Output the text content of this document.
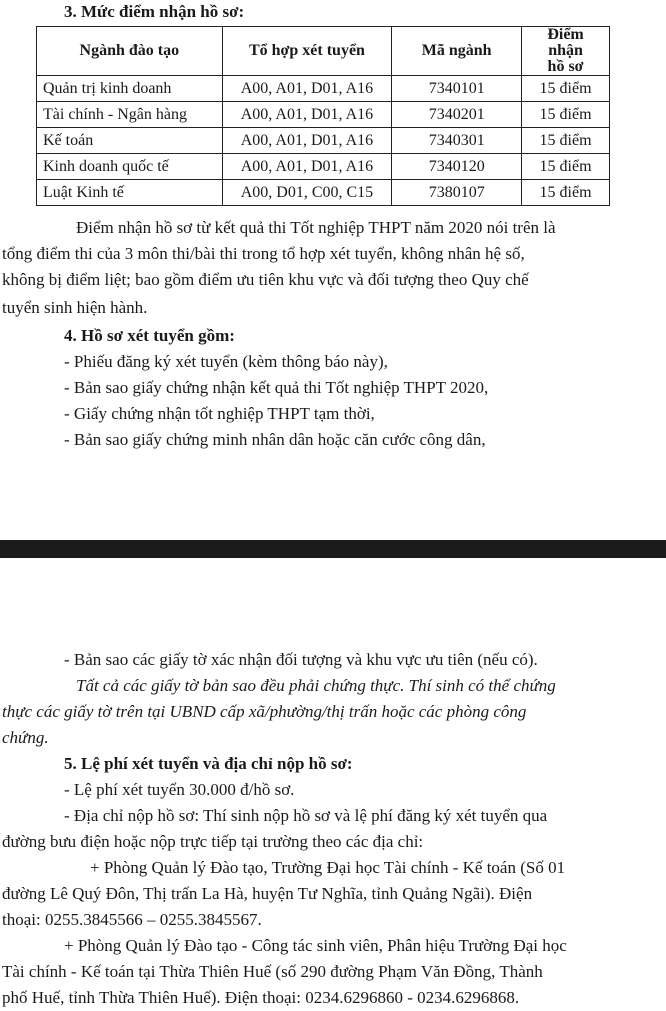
3. Mức điểm nhận hồ sơ:
Ngành đào tạo	Tổ hợp xét tuyển	Mã ngành	Điểm nhận
hồ sơ
Quản trị kinh doanh	A00, A01, D01, A16	7340101	15 điểm
Tài chính - Ngân hàng	A00, A01, D01, A16	7340201	15 điểm
Kế toán	A00, A01, D01, A16	7340301	15 điểm
Kinh doanh quốc tế	A00, A01, D01, A16	7340120	15 điểm
Luật Kinh tế	A00, D01, C00, C15	7380107	15 điểm
Điểm nhận hồ sơ từ kết quả thi Tốt nghiệp THPT năm 2020 nói trên là
tổng điểm thi của 3 môn thi/bài thi trong tổ hợp xét tuyển, không nhân hệ số,
không bị điểm liệt; bao gồm điểm ưu tiên khu vực và đối tượng theo Quy chế
tuyển sinh hiện hành.
4. Hồ sơ xét tuyển gồm:
- Phiếu đăng ký xét tuyển (kèm thông báo này),
- Bản sao giấy chứng nhận kết quả thi Tốt nghiệp THPT 2020,
- Giấy chứng nhận tốt nghiệp THPT tạm thời,
- Bản sao giấy chứng minh nhân dân hoặc căn cước công dân,
- Bản sao các giấy tờ xác nhận đối tượng và khu vực ưu tiên (nếu có).
Tất cả các giấy tờ bản sao đều phải chứng thực. Thí sinh có thể chứng
thực các giấy tờ trên tại UBND cấp xã/phường/thị trấn hoặc các phòng công
chứng.
5. Lệ phí xét tuyển và địa chỉ nộp hồ sơ:
- Lệ phí xét tuyển 30.000 đ/hồ sơ.
- Địa chỉ nộp hồ sơ: Thí sinh nộp hồ sơ và lệ phí đăng ký xét tuyển qua
đường bưu điện hoặc nộp trực tiếp tại trường theo các địa chỉ:
+ Phòng Quản lý Đào tạo, Trường Đại học Tài chính - Kế toán (Số 01
đường Lê Quý Đôn, Thị trấn La Hà, huyện Tư Nghĩa, tỉnh Quảng Ngãi). Điện
thoại: 0255.3845566 – 0255.3845567.
+ Phòng Quản lý Đào tạo - Công tác sinh viên, Phân hiệu Trường Đại học
Tài chính - Kế toán tại Thừa Thiên Huế (số 290 đường Phạm Văn Đồng, Thành
phố Huế, tỉnh Thừa Thiên Huế). Điện thoại: 0234.6296860 - 0234.6296868.
